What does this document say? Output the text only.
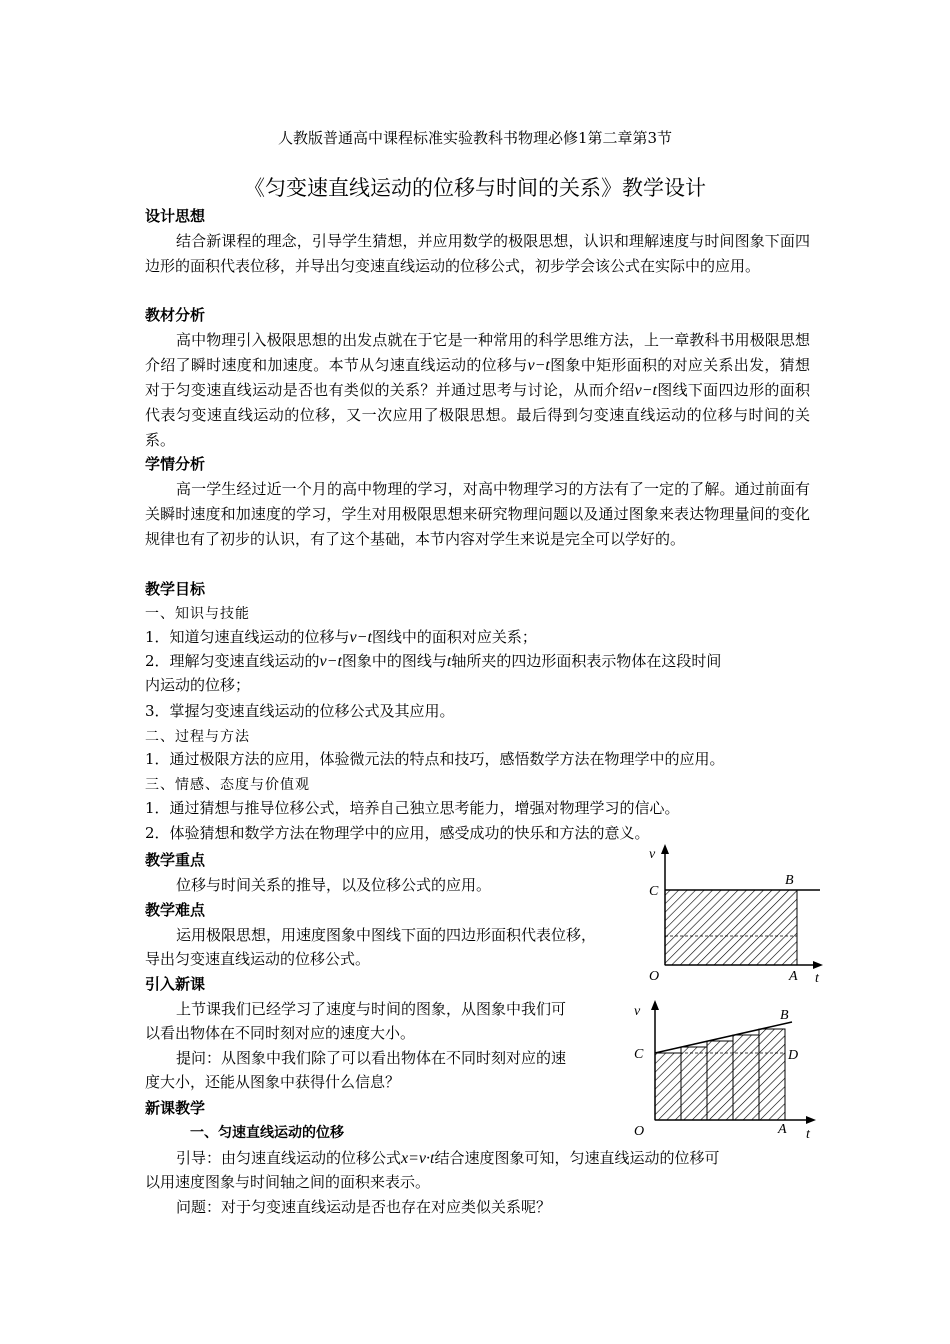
人教版普通高中课程标准实验教科书物理必修1第二章第3节
《匀变速直线运动的位移与时间的关系》教学设计
设计思想
结合新课程的理念，引导学生猜想，并应用数学的极限思想，认识和理解速度与时间图象下面四边形的面积代表位移，并导出匀变速直线运动的位移公式，初步学会该公式在实际中的应用。
教材分析
高中物理引入极限思想的出发点就在于它是一种常用的科学思维方法，上一章教科书用极限思想介绍了瞬时速度和加速度。本节从匀速直线运动的位移与v−t图象中矩形面积的对应关系出发，猜想对于匀变速直线运动是否也有类似的关系？并通过思考与讨论，从而介绍v−t图线下面四边形的面积代表匀变速直线运动的位移，又一次应用了极限思想。最后得到匀变速直线运动的位移与时间的关系。
学情分析
高一学生经过近一个月的高中物理的学习，对高中物理学习的方法有了一定的了解。通过前面有关瞬时速度和加速度的学习，学生对用极限思想来研究物理问题以及通过图象来表达物理量间的变化规律也有了初步的认识，有了这个基础，本节内容对学生来说是完全可以学好的。
教学目标
一、知识与技能
1．知道匀速直线运动的位移与v−t图线中的面积对应关系；
2．理解匀变速直线运动的v−t图象中的图线与t轴所夹的四边形面积表示物体在这段时间
内运动的位移；
3．掌握匀变速直线运动的位移公式及其应用。
二、过程与方法
1．通过极限方法的应用，体验微元法的特点和技巧，感悟数学方法在物理学中的应用。
三、情感、态度与价值观
1．通过猜想与推导位移公式，培养自己独立思考能力，增强对物理学习的信心。
2．体验猜想和数学方法在物理学中的应用，感受成功的快乐和方法的意义。
教学重点
位移与时间关系的推导，以及位移公式的应用。
教学难点
运用极限思想，用速度图象中图线下面的四边形面积代表位移，
导出匀变速直线运动的位移公式。
引入新课
上节课我们已经学习了速度与时间的图象，从图象中我们可
以看出物体在不同时刻对应的速度大小。
提问：从图象中我们除了可以看出物体在不同时刻对应的速
度大小，还能从图象中获得什么信息？
新课教学
一、匀速直线运动的位移
引导：由匀速直线运动的位移公式x=v·t结合速度图象可知，匀速直线运动的位移可
以用速度图象与时间轴之间的面积来表示。
问题：对于匀变速直线运动是否也存在对应类似关系呢？
v
C
B
O	A t
v
C	D
B
O	A t
